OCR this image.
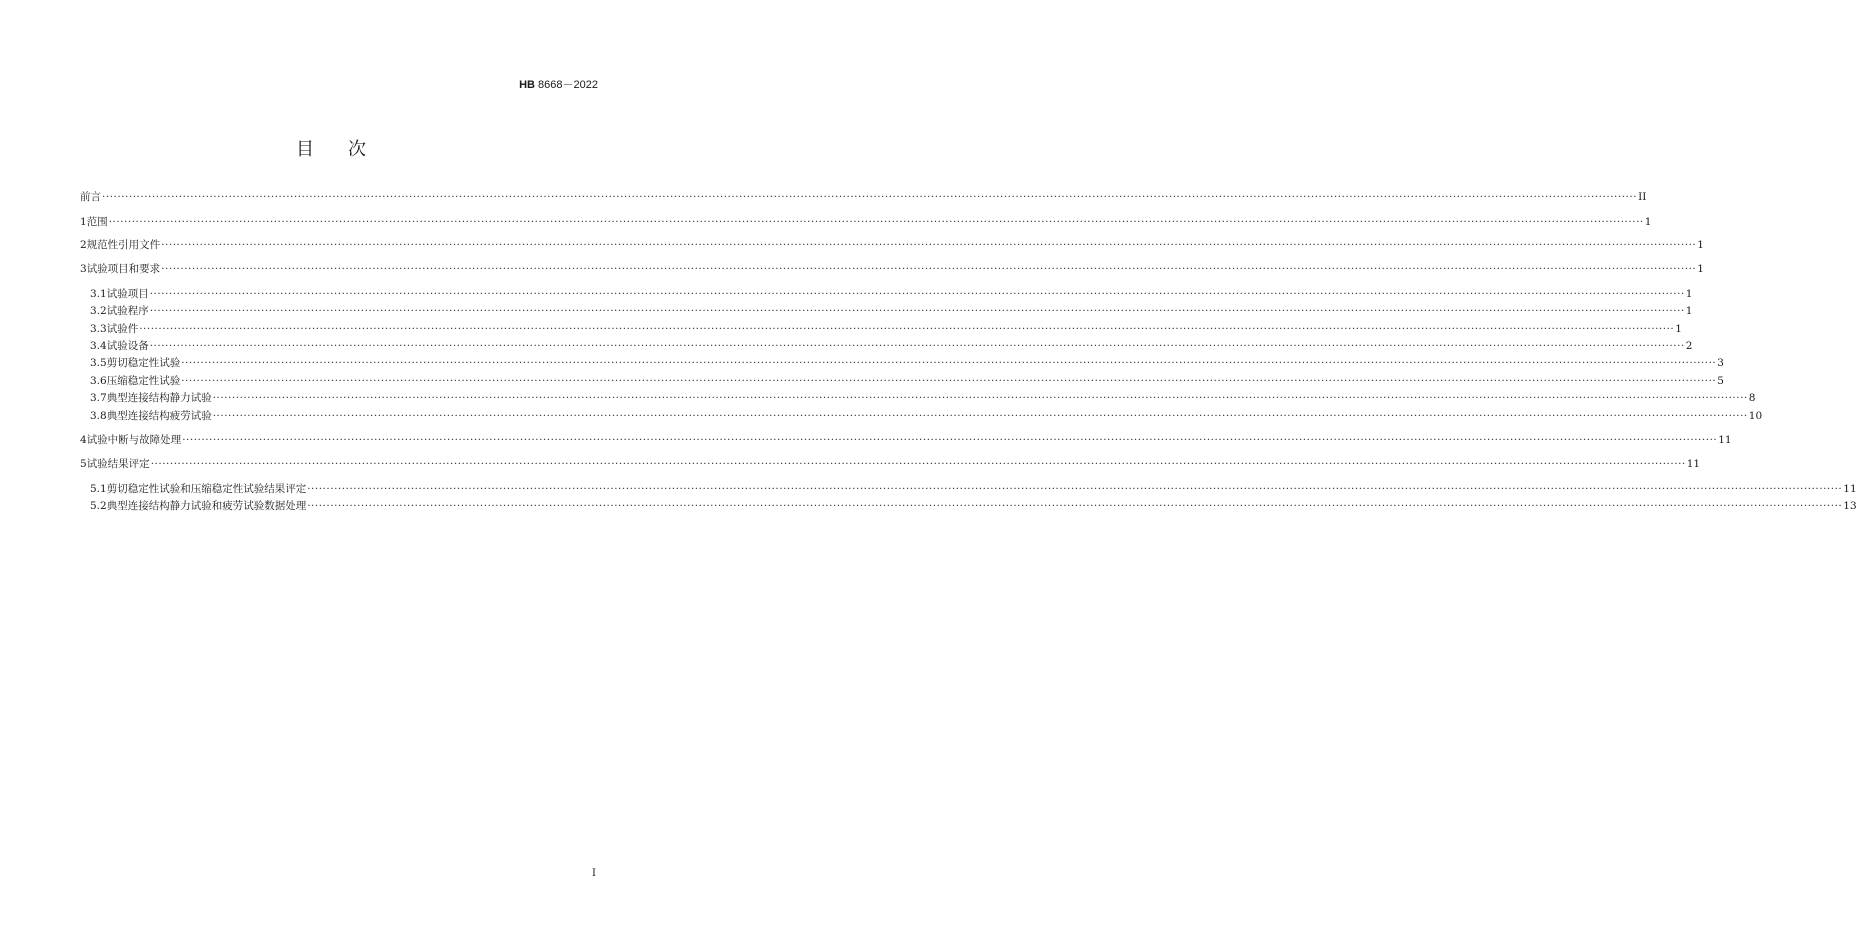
HB 8668－2022
目 次
前言 ················································································································································································································································································································································································································ II
1 范围 ················································································································································································································································································································································································································ 1
2 规范性引用文件 ················································································································································································································································································································································································································ 1
3 试验项目和要求 ················································································································································································································································································································································································································ 1
3.1 试验项目 ················································································································································································································································································································································································································ 1
3.2 试验程序 ················································································································································································································································································································································································································ 1
3.3 试验件 ················································································································································································································································································································································································································ 1
3.4 试验设备 ················································································································································································································································································································································································································ 2
3.5 剪切稳定性试验 ················································································································································································································································································································································································································ 3
3.6 压缩稳定性试验 ················································································································································································································································································································································································································ 5
3.7 典型连接结构静力试验 ················································································································································································································································································································································································································ 8
3.8 典型连接结构疲劳试验 ················································································································································································································································································································································································································ 10
4 试验中断与故障处理 ················································································································································································································································································································································································································ 11
5 试验结果评定 ················································································································································································································································································································································································································ 11
5.1 剪切稳定性试验和压缩稳定性试验结果评定 ················································································································································································································································································································································································································ 11
5.2 典型连接结构静力试验和疲劳试验数据处理 ················································································································································································································································································································································································································ 13
I
